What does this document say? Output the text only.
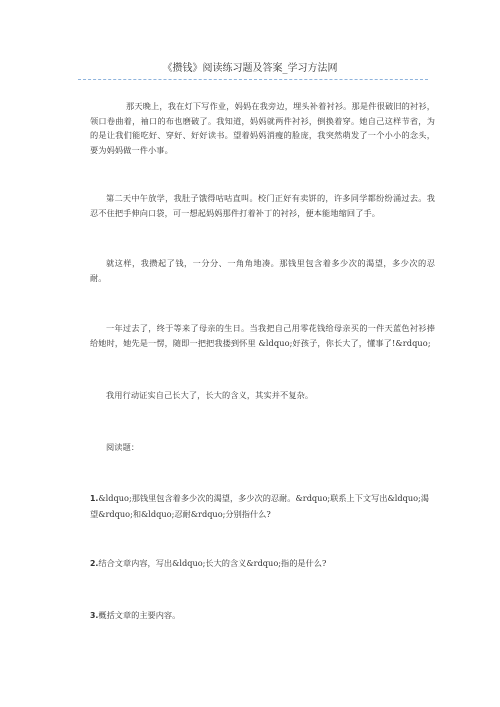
《攒钱》阅读练习题及答案_学习方法网

那天晚上，我在灯下写作业，妈妈在我旁边，埋头补着衬衫。那是件很破旧的衬衫，领口卷曲着，袖口的布也磨破了。我知道，妈妈就两件衬衫，倒换着穿。她自己这样节省，为的是让我们能吃好、穿好、好好读书。望着妈妈消瘦的脸庞，我突然萌发了一个小小的念头，要为妈妈做一件小事。

第二天中午放学，我肚子饿得咕咕直叫。校门正好有卖饼的，许多同学都纷纷涌过去。我忍不住把手伸向口袋，可一想起妈妈那件打着补丁的衬衫，便本能地缩回了手。

就这样，我攒起了钱，一分分、一角角地凑。那钱里包含着多少次的渴望，多少次的忍耐。

一年过去了，终于等来了母亲的生日。当我把自己用零花钱给母亲买的一件天蓝色衬衫捧给她时，她先是一愣，随即一把把我搂到怀里 &ldquo;好孩子，你长大了，懂事了!&rdquo;

我用行动证实自己长大了，长大的含义，其实并不复杂。

阅读题：

1.&ldquo;那钱里包含着多少次的渴望，多少次的忍耐。&rdquo;联系上下文写出&ldquo;渴望&rdquo;和&ldquo;忍耐&rdquo;分别指什么?

2.结合文章内容，写出&ldquo;长大的含义&rdquo;指的是什么?

3.概括文章的主要内容。
